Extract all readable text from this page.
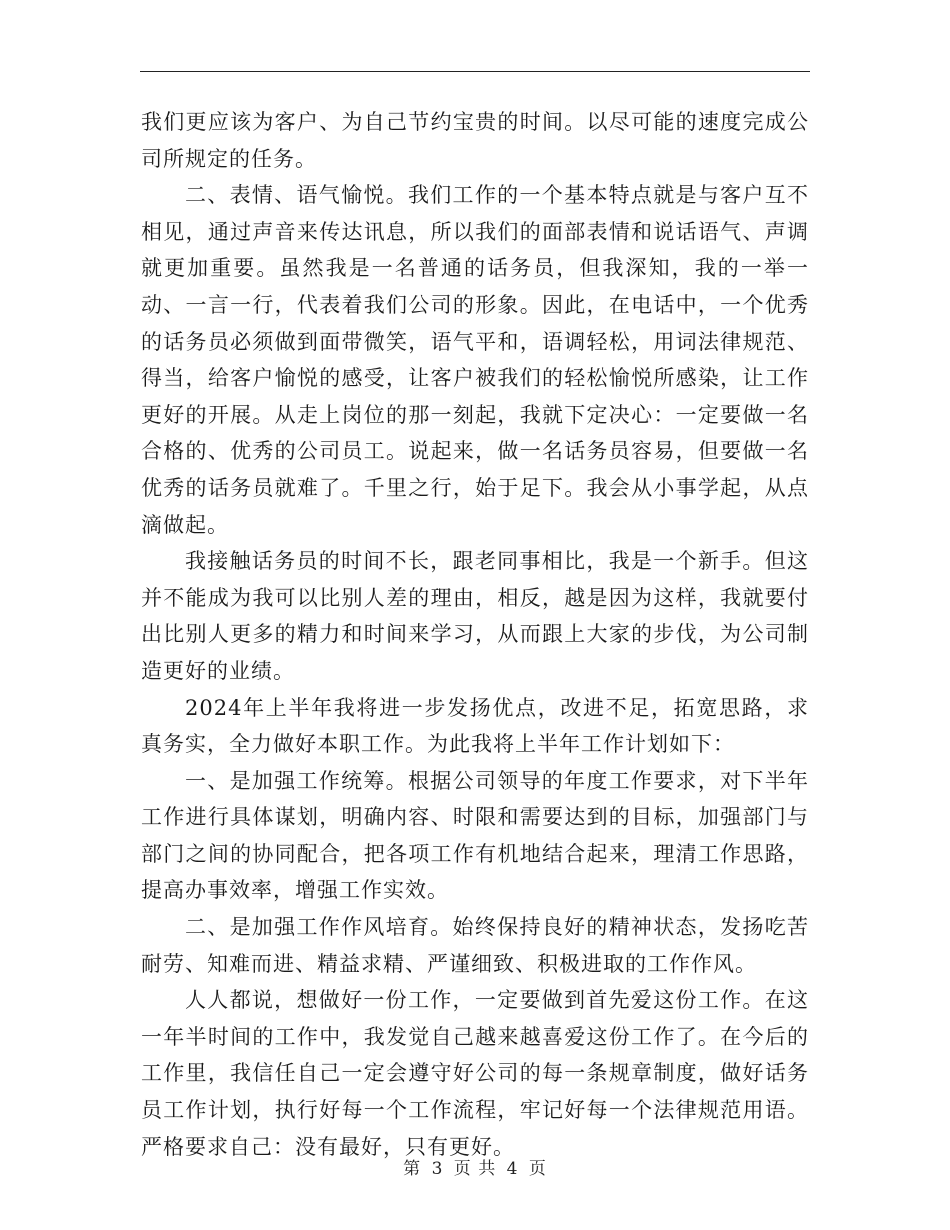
我们更应该为客户、为自己节约宝贵的时间。以尽可能的速度完成公司所规定的任务。

二、表情、语气愉悦。我们工作的一个基本特点就是与客户互不相见，通过声音来传达讯息，所以我们的面部表情和说话语气、声调就更加重要。虽然我是一名普通的话务员，但我深知，我的一举一动、一言一行，代表着我们公司的形象。因此，在电话中，一个优秀的话务员必须做到面带微笑，语气平和，语调轻松，用词法律规范、得当，给客户愉悦的感受，让客户被我们的轻松愉悦所感染，让工作更好的开展。从走上岗位的那一刻起，我就下定决心：一定要做一名合格的、优秀的公司员工。说起来，做一名话务员容易，但要做一名优秀的话务员就难了。千里之行，始于足下。我会从小事学起，从点滴做起。

我接触话务员的时间不长，跟老同事相比，我是一个新手。但这并不能成为我可以比别人差的理由，相反，越是因为这样，我就要付出比别人更多的精力和时间来学习，从而跟上大家的步伐，为公司制造更好的业绩。

2024年上半年我将进一步发扬优点，改进不足，拓宽思路，求真务实，全力做好本职工作。为此我将上半年工作计划如下：

一、是加强工作统筹。根据公司领导的年度工作要求，对下半年工作进行具体谋划，明确内容、时限和需要达到的目标，加强部门与部门之间的协同配合，把各项工作有机地结合起来，理清工作思路，提高办事效率，增强工作实效。

二、是加强工作作风培育。始终保持良好的精神状态，发扬吃苦耐劳、知难而进、精益求精、严谨细致、积极进取的工作作风。

人人都说，想做好一份工作，一定要做到首先爱这份工作。在这一年半时间的工作中，我发觉自己越来越喜爱这份工作了。在今后的工作里，我信任自己一定会遵守好公司的每一条规章制度，做好话务员工作计划，执行好每一个工作流程，牢记好每一个法律规范用语。严格要求自己：没有最好，只有更好。

第 3 页 共 4 页
